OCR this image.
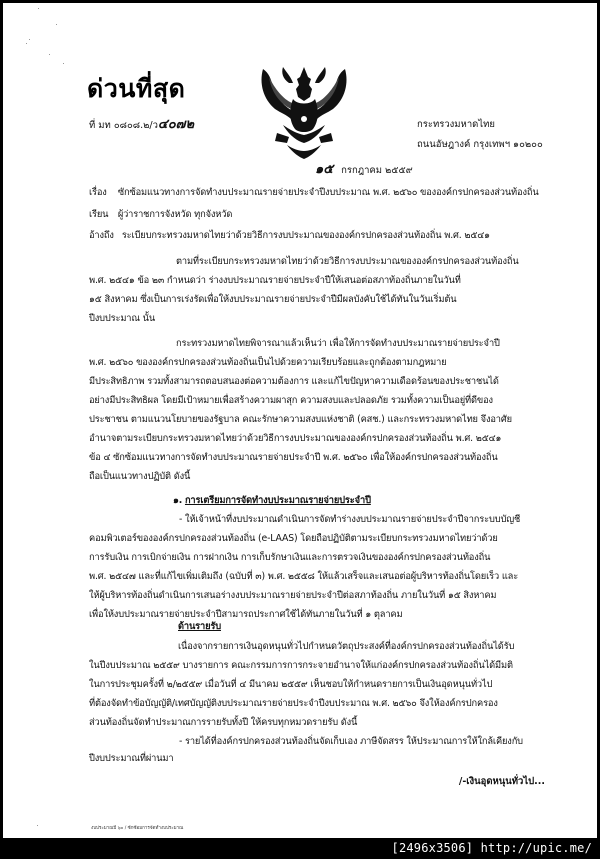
ด่วนที่สุด
ที่ มท ๐๘๐๘.๒/ว๔๐๗๒	กระทรวงมหาดไทย
ถนนอัษฎางค์ กรุงเทพฯ ๑๐๒๐๐
๑๕ กรกฎาคม ๒๕๕๙
เรื่อง ซักซ้อมแนวทางการจัดทำงบประมาณรายจ่ายประจำปีงบประมาณ พ.ศ. ๒๕๖๐ ขององค์กรปกครองส่วนท้องถิ่น
เรียน ผู้ว่าราชการจังหวัด ทุกจังหวัด
อ้างถึง ระเบียบกระทรวงมหาดไทยว่าด้วยวิธีการงบประมาณขององค์กรปกครองส่วนท้องถิ่น พ.ศ. ๒๕๔๑
ตามที่ระเบียบกระทรวงมหาดไทยว่าด้วยวิธีการงบประมาณขององค์กรปกครองส่วนท้องถิ่น
พ.ศ. ๒๕๔๑ ข้อ ๒๓ กำหนดว่า ร่างงบประมาณรายจ่ายประจำปีให้เสนอต่อสภาท้องถิ่นภายในวันที่
๑๕ สิงหาคม ซึ่งเป็นการเร่งรัดเพื่อให้งบประมาณรายจ่ายประจำปีมีผลบังคับใช้ได้ทันในวันเริ่มต้น
ปีงบประมาณ นั้น
กระทรวงมหาดไทยพิจารณาแล้วเห็นว่า เพื่อให้การจัดทำงบประมาณรายจ่ายประจำปี
พ.ศ. ๒๕๖๐ ขององค์กรปกครองส่วนท้องถิ่นเป็นไปด้วยความเรียบร้อยและถูกต้องตามกฎหมาย
มีประสิทธิภาพ รวมทั้งสามารถตอบสนองต่อความต้องการ และแก้ไขปัญหาความเดือดร้อนของประชาชนได้
อย่างมีประสิทธิผล โดยมีเป้าหมายเพื่อสร้างความผาสุก ความสงบและปลอดภัย รวมทั้งความเป็นอยู่ที่ดีของ
ประชาชน ตามแนวนโยบายของรัฐบาล คณะรักษาความสงบแห่งชาติ (คสช.) และกระทรวงมหาดไทย จึงอาศัย
อำนาจตามระเบียบกระทรวงมหาดไทยว่าด้วยวิธีการงบประมาณขององค์กรปกครองส่วนท้องถิ่น พ.ศ. ๒๕๔๑
ข้อ ๔ ซักซ้อมแนวทางการจัดทำงบประมาณรายจ่ายประจำปี พ.ศ. ๒๕๖๐ เพื่อให้องค์กรปกครองส่วนท้องถิ่น
ถือเป็นแนวทางปฏิบัติ ดังนี้
๑. การเตรียมการจัดทำงบประมาณรายจ่ายประจำปี
- ให้เจ้าหน้าที่งบประมาณดำเนินการจัดทำร่างงบประมาณรายจ่ายประจำปีจากระบบบัญชี
คอมพิวเตอร์ขององค์กรปกครองส่วนท้องถิ่น (e-LAAS) โดยถือปฏิบัติตามระเบียบกระทรวงมหาดไทยว่าด้วย
การรับเงิน การเบิกจ่ายเงิน การฝากเงิน การเก็บรักษาเงินและการตรวจเงินขององค์กรปกครองส่วนท้องถิ่น
พ.ศ. ๒๕๔๗ และที่แก้ไขเพิ่มเติมถึง (ฉบับที่ ๓) พ.ศ. ๒๕๕๘ ให้แล้วเสร็จและเสนอต่อผู้บริหารท้องถิ่นโดยเร็ว และ
ให้ผู้บริหารท้องถิ่นดำเนินการเสนอร่างงบประมาณรายจ่ายประจำปีต่อสภาท้องถิ่น ภายในวันที่ ๑๕ สิงหาคม
เพื่อให้งบประมาณรายจ่ายประจำปีสามารถประกาศใช้ได้ทันภายในวันที่ ๑ ตุลาคม
ด้านรายรับ
เนื่องจากรายการเงินอุดหนุนทั่วไปกำหนดวัตถุประสงค์ที่องค์กรปกครองส่วนท้องถิ่นได้รับ
ในปีงบประมาณ ๒๕๕๙ บางรายการ คณะกรรมการการกระจายอำนาจให้แก่องค์กรปกครองส่วนท้องถิ่นได้มีมติ
ในการประชุมครั้งที่ ๒/๒๕๕๙ เมื่อวันที่ ๔ มีนาคม ๒๕๕๙ เห็นชอบให้กำหนดรายการเป็นเงินอุดหนุนทั่วไป
ที่ต้องจัดทำข้อบัญญัติ/เทศบัญญัติงบประมาณรายจ่ายประจำปีงบประมาณ พ.ศ. ๒๕๖๐ จึงให้องค์กรปกครอง
ส่วนท้องถิ่นจัดทำประมาณการรายรับทั้งปี ให้ครบทุกหมวดรายรับ ดังนี้
- รายได้ที่องค์กรปกครองส่วนท้องถิ่นจัดเก็บเอง ภาษีจัดสรร ให้ประมาณการให้ใกล้เคียงกับ
ปีงบประมาณที่ผ่านมา
/-เงินอุดหนุนทั่วไป...
งบประมาณปี ๖๐ / ซักซ้อมการจัดทำงบประมาณ
[2496x3506] http://upic.me/
